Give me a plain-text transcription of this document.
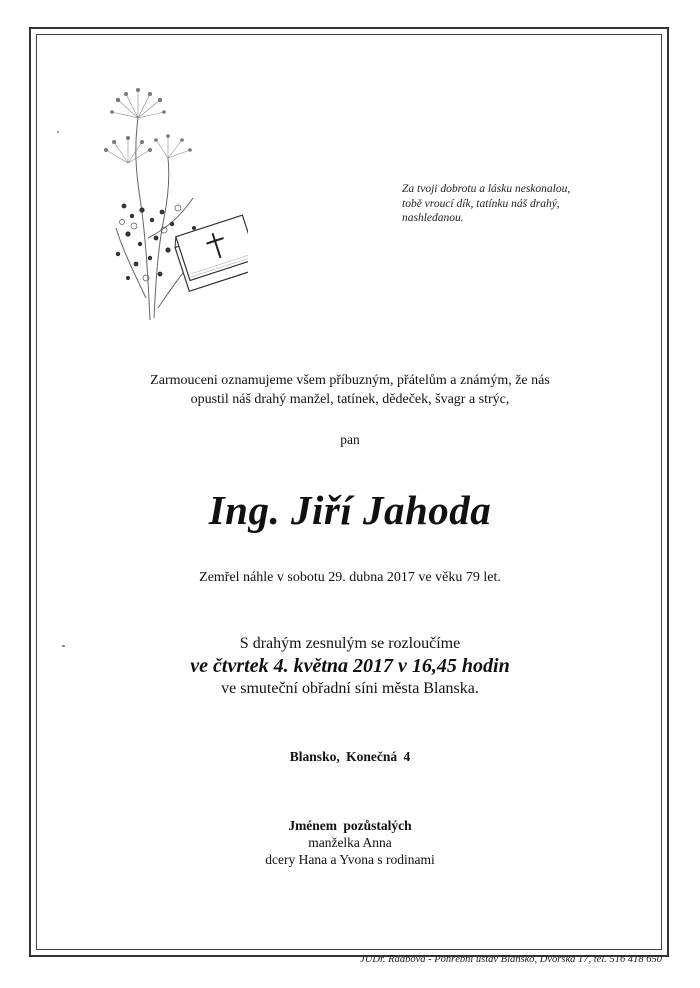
Za tvoji dobrotu a lásku neskonalou,
tobě vroucí dík, tatínku náš drahý,
nashledanou.
Zarmouceni oznamujeme všem příbuzným, přátelům a známým, že nás
opustil náš drahý manžel, tatínek, dědeček, švagr a strýc,
pan
Ing. Jiří Jahoda
Zemřel náhle v sobotu 29. dubna 2017 ve věku 79 let.
S drahým zesnulým se rozloučíme
ve čtvrtek 4. května 2017 v 16,45 hodin
ve smuteční obřadní síni města Blanska.
Blansko, Konečná 4
Jménem pozůstalých
manželka Anna
dcery Hana a Yvona s rodinami
JUDr. Raabová - Pohřební ústav Blansko, Dvorská 17, tel. 516 418 650
